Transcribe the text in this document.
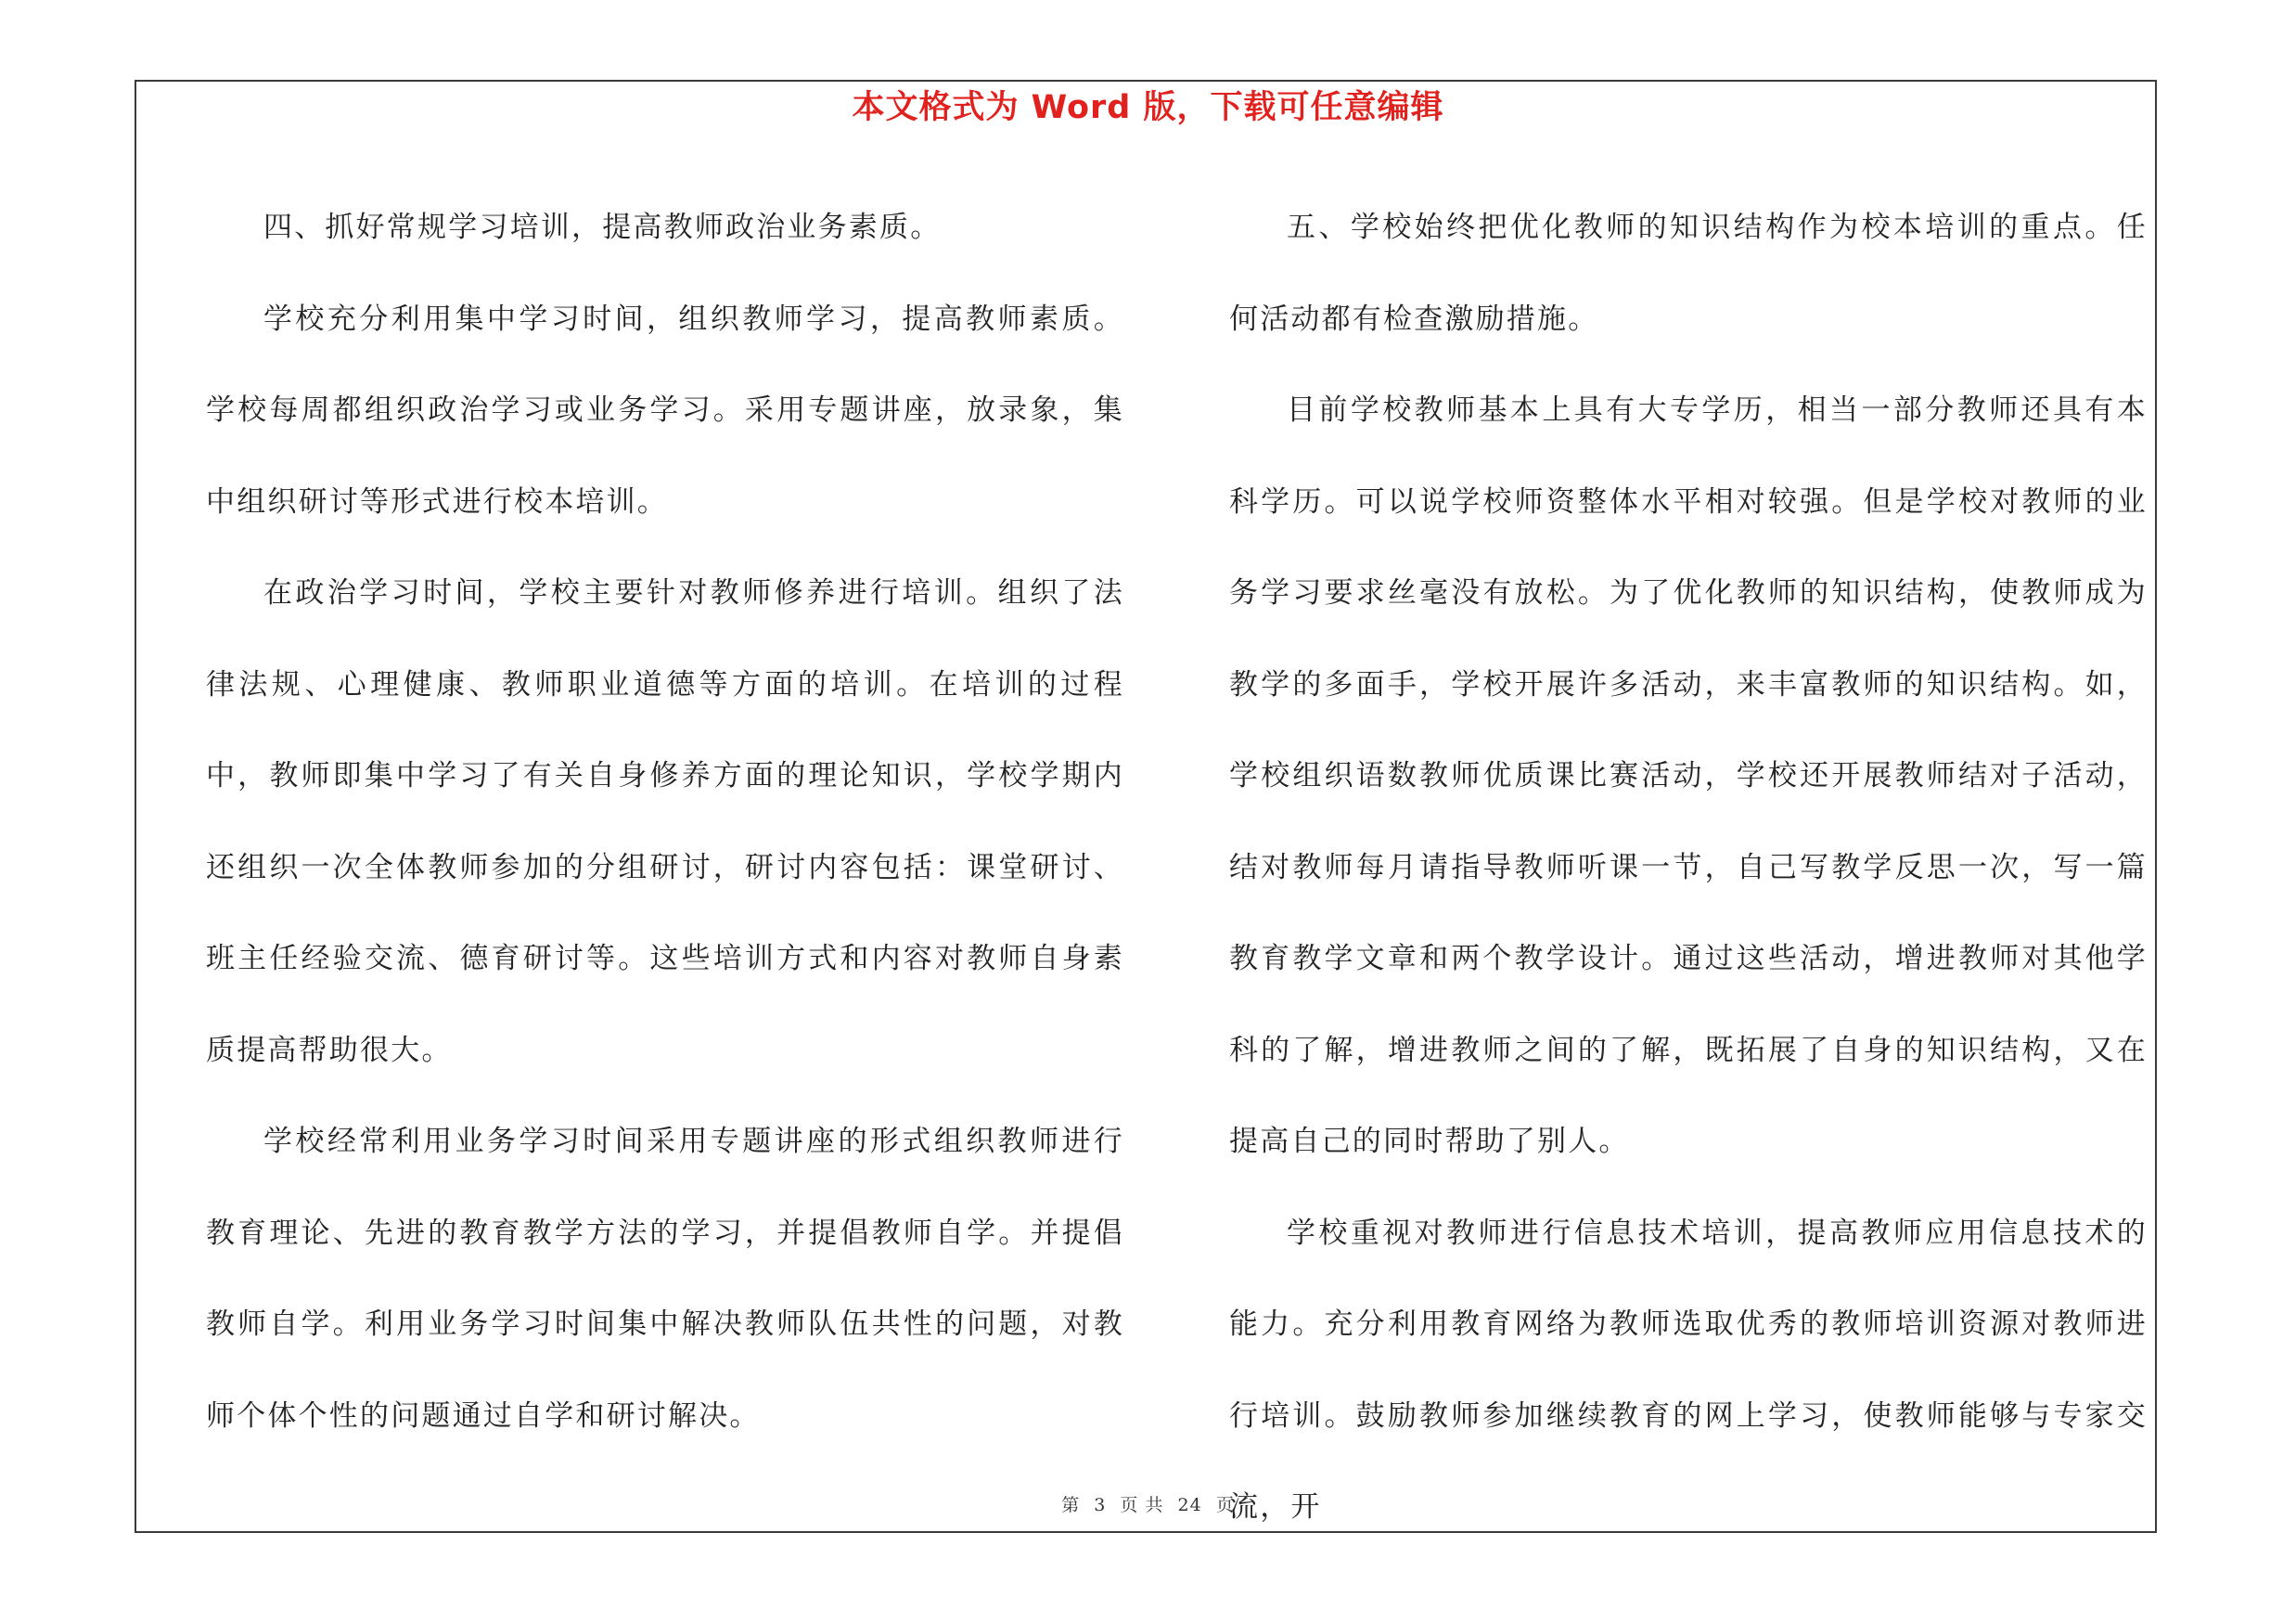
本文格式为 Word 版，下载可任意编辑

四、抓好常规学习培训，提高教师政治业务素质。

学校充分利用集中学习时间，组织教师学习，提高教师素质。学校每周都组织政治学习或业务学习。采用专题讲座，放录象，集中组织研讨等形式进行校本培训。

在政治学习时间，学校主要针对教师修养进行培训。组织了法律法规、心理健康、教师职业道德等方面的培训。在培训的过程中，教师即集中学习了有关自身修养方面的理论知识，学校学期内还组织一次全体教师参加的分组研讨，研讨内容包括：课堂研讨、班主任经验交流、德育研讨等。这些培训方式和内容对教师自身素质提高帮助很大。

学校经常利用业务学习时间采用专题讲座的形式组织教师进行教育理论、先进的教育教学方法的学习，并提倡教师自学。并提倡教师自学。利用业务学习时间集中解决教师队伍共性的问题，对教师个体个性的问题通过自学和研讨解决。

五、学校始终把优化教师的知识结构作为校本培训的重点。任何活动都有检查激励措施。

目前学校教师基本上具有大专学历，相当一部分教师还具有本科学历。可以说学校师资整体水平相对较强。但是学校对教师的业务学习要求丝毫没有放松。为了优化教师的知识结构，使教师成为教学的多面手，学校开展许多活动，来丰富教师的知识结构。如，学校组织语数教师优质课比赛活动，学校还开展教师结对子活动，结对教师每月请指导教师听课一节，自己写教学反思一次，写一篇教育教学文章和两个教学设计。通过这些活动，增进教师对其他学科的了解，增进教师之间的了解，既拓展了自身的知识结构，又在提高自己的同时帮助了别人。

学校重视对教师进行信息技术培训，提高教师应用信息技术的能力。充分利用教育网络为教师选取优秀的教师培训资源对教师进行培训。鼓励教师参加继续教育的网上学习，使教师能够与专家交流，开

第 3 页 共 24 页
